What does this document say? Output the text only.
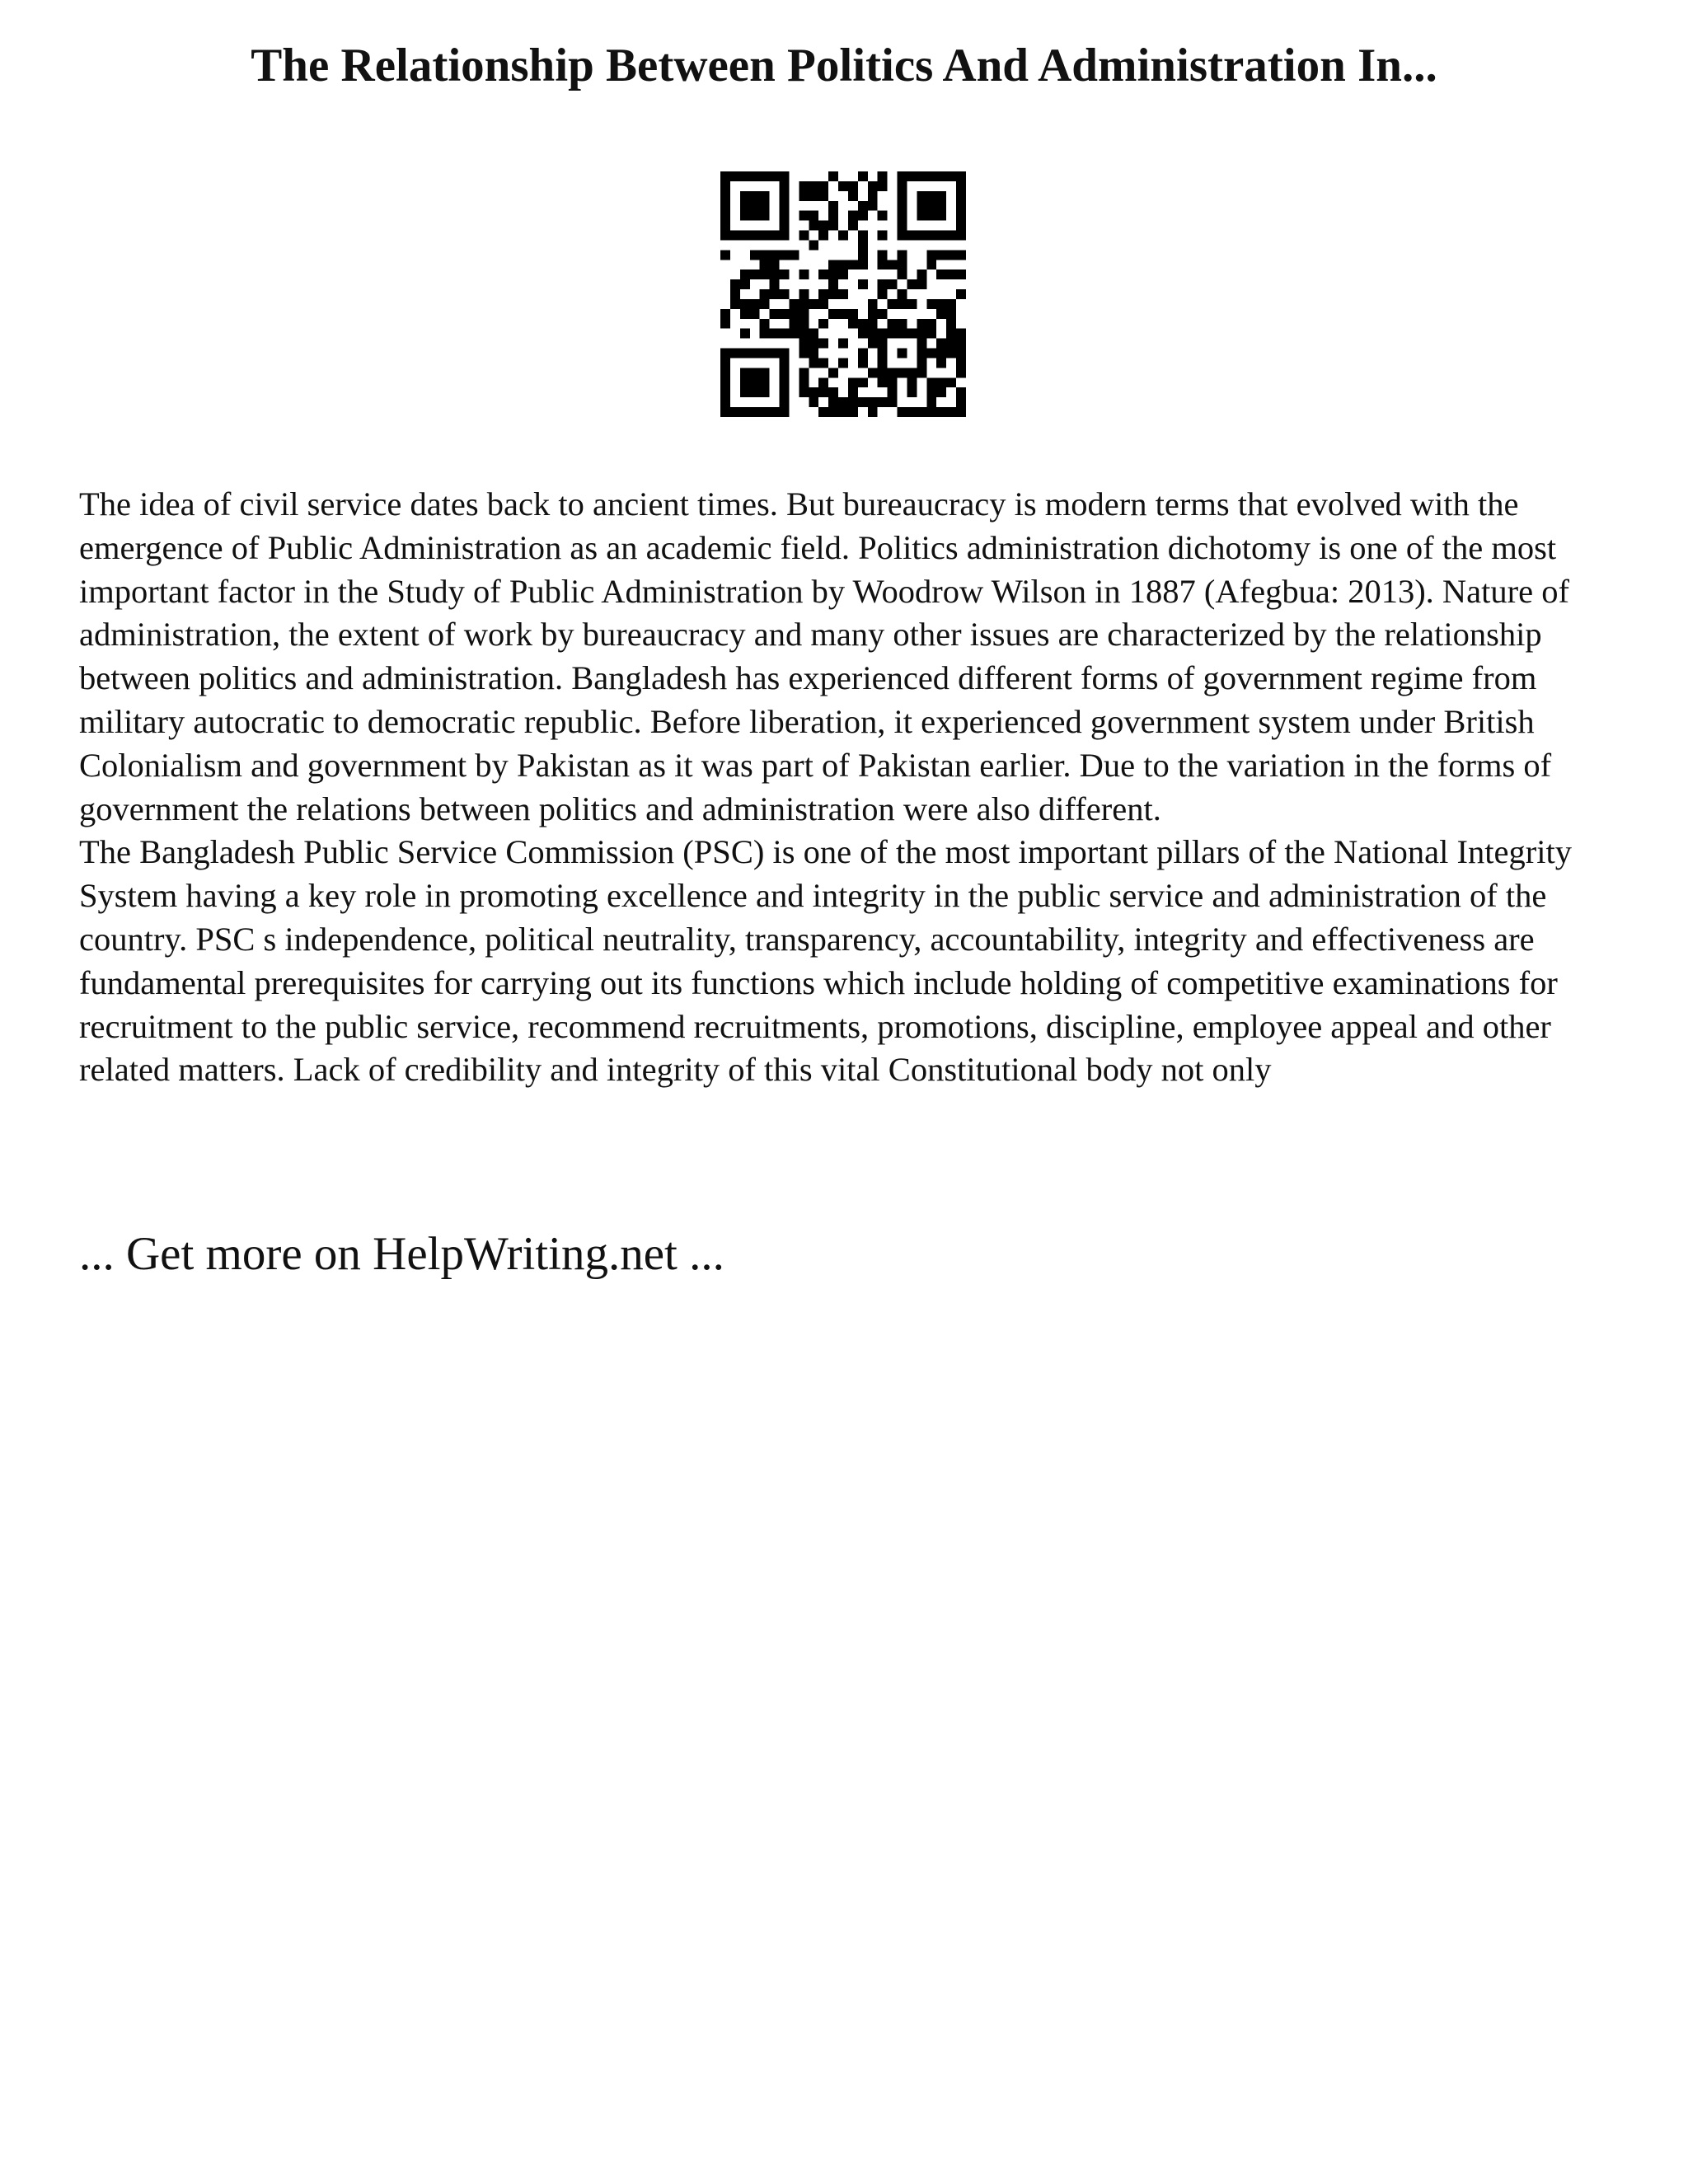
The Relationship Between Politics And Administration In...

The idea of civil service dates back to ancient times. But bureaucracy is modern terms that evolved with the emergence of Public Administration as an academic field. Politics administration dichotomy is one of the most important factor in the Study of Public Administration by Woodrow Wilson in 1887 (Afegbua: 2013). Nature of administration, the extent of work by bureaucracy and many other issues are characterized by the relationship between politics and administration. Bangladesh has experienced different forms of government regime from military autocratic to democratic republic. Before liberation, it experienced government system under British Colonialism and government by Pakistan as it was part of Pakistan earlier. Due to the variation in the forms of government the relations between politics and administration were also different.

The Bangladesh Public Service Commission (PSC) is one of the most important pillars of the National Integrity System having a key role in promoting excellence and integrity in the public service and administration of the country. PSC s independence, political neutrality, transparency, accountability, integrity and effectiveness are fundamental prerequisites for carrying out its functions which include holding of competitive examinations for recruitment to the public service, recommend recruitments, promotions, discipline, employee appeal and other related matters. Lack of credibility and integrity of this vital Constitutional body not only

... Get more on HelpWriting.net ...
